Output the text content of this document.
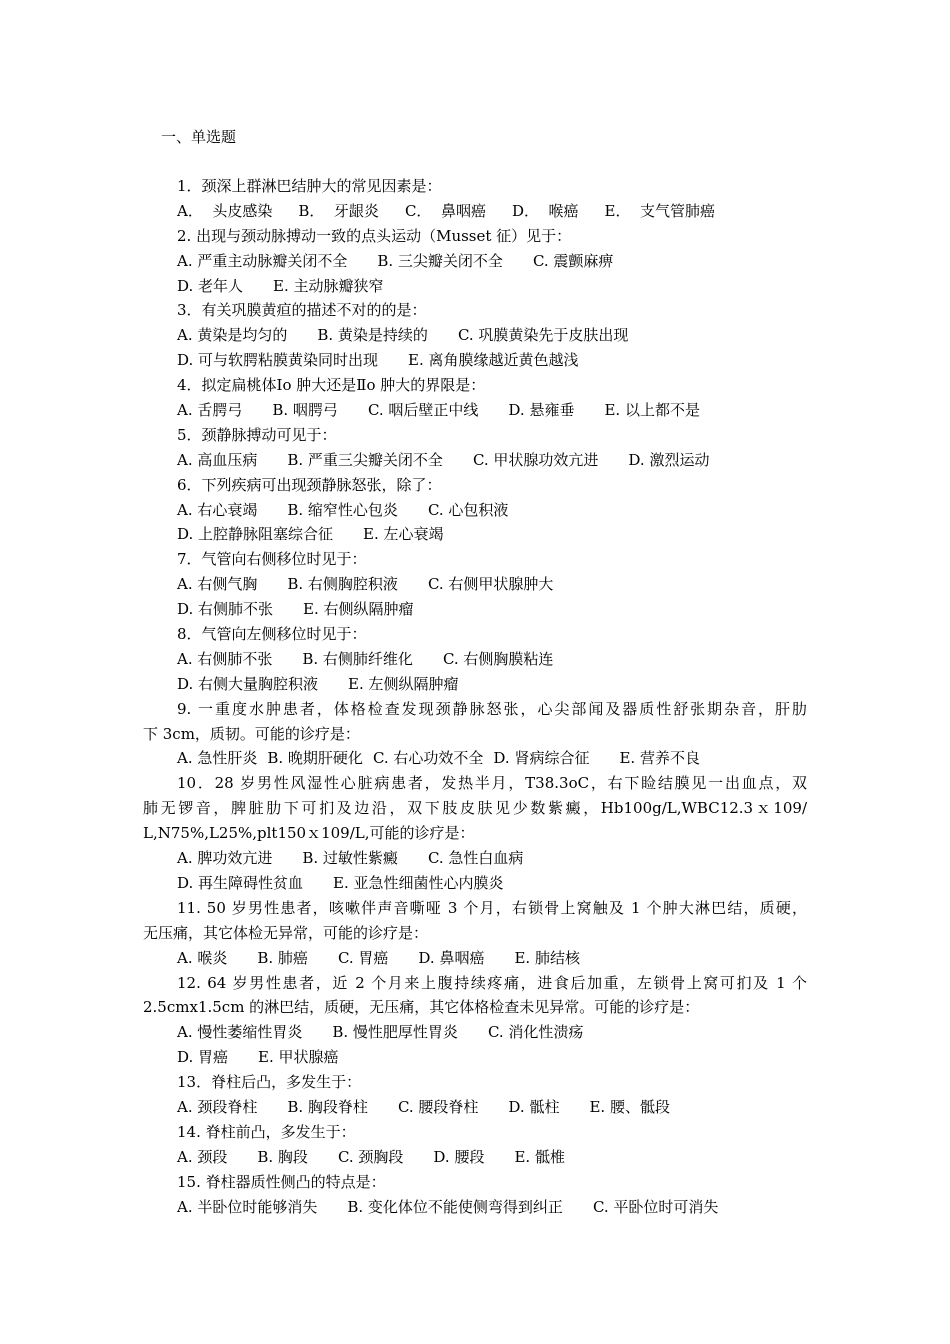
一、单选题
1．颈深上群淋巴结肿大的常见因素是：
A．  头皮感染 B．  牙龈炎 C．  鼻咽癌 D．  喉癌 E．  支气管肺癌
2. 出现与颈动脉搏动一致的点头运动（Musset 征）见于：
A. 严重主动脉瓣关闭不全 B. 三尖瓣关闭不全 C. 震颤麻痹
D. 老年人 E. 主动脉瓣狭窄
3．有关巩膜黄疸的描述不对的的是：
A. 黄染是均匀的 B. 黄染是持续的 C. 巩膜黄染先于皮肤出现
D. 可与软腭粘膜黄染同时出现 E. 离角膜缘越近黄色越浅
4．拟定扁桃体Ⅰo 肿大还是Ⅱo 肿大的界限是：
A. 舌腭弓 B. 咽腭弓 C. 咽后壁正中线 D. 悬雍垂 E. 以上都不是
5．颈静脉搏动可见于：
A. 高血压病 B. 严重三尖瓣关闭不全 C. 甲状腺功效亢进 D. 激烈运动
6．下列疾病可出现颈静脉怒张，除了：
A. 右心衰竭 B. 缩窄性心包炎 C. 心包积液
D. 上腔静脉阻塞综合征 E. 左心衰竭
7．气管向右侧移位时见于：
A. 右侧气胸 B. 右侧胸腔积液 C. 右侧甲状腺肿大
D. 右侧肺不张 E. 右侧纵隔肿瘤
8．气管向左侧移位时见于：
A. 右侧肺不张 B. 右侧肺纤维化 C. 右侧胸膜粘连
D. 右侧大量胸腔积液 E. 左侧纵隔肿瘤
9. 一重度水肿患者，体格检查发现颈静脉怒张，心尖部闻及器质性舒张期杂音，肝肋
下 3cm，质韧。可能的诊疗是：
A. 急性肝炎 B. 晚期肝硬化 C. 右心功效不全 D. 肾病综合征 E. 营养不良
10．28 岁男性风湿性心脏病患者，发热半月，T38.3oC，右下睑结膜见一出血点，双
肺无锣音，脾脏肋下可扪及边沿，双下肢皮肤见少数紫癜，Hb100g/L,WBC12.3ｘ109/
L,N75%,L25%,plt150ｘ109/L,可能的诊疗是：
A. 脾功效亢进 B. 过敏性紫癜 C. 急性白血病
D. 再生障碍性贫血 E. 亚急性细菌性心内膜炎
11. 50 岁男性患者，咳嗽伴声音嘶哑 3 个月，右锁骨上窝触及 1 个肿大淋巴结，质硬，
无压痛，其它体检无异常，可能的诊疗是：
A. 喉炎 B. 肺癌 C. 胃癌 D. 鼻咽癌 E. 肺结核
12. 64 岁男性患者，近 2 个月来上腹持续疼痛，进食后加重，左锁骨上窝可扪及 1 个
2.5cmx1.5cm 的淋巴结，质硬，无压痛，其它体格检查未见异常。可能的诊疗是：
A. 慢性萎缩性胃炎 B. 慢性肥厚性胃炎 C. 消化性溃疡
D. 胃癌 E. 甲状腺癌
13．脊柱后凸，多发生于：
A. 颈段脊柱 B. 胸段脊柱 C. 腰段脊柱 D. 骶柱 E. 腰、骶段
14. 脊柱前凸，多发生于：
A. 颈段 B. 胸段 C. 颈胸段 D. 腰段 E. 骶椎
15. 脊柱器质性侧凸的特点是：
A. 半卧位时能够消失 B. 变化体位不能使侧弯得到纠正 C. 平卧位时可消失
